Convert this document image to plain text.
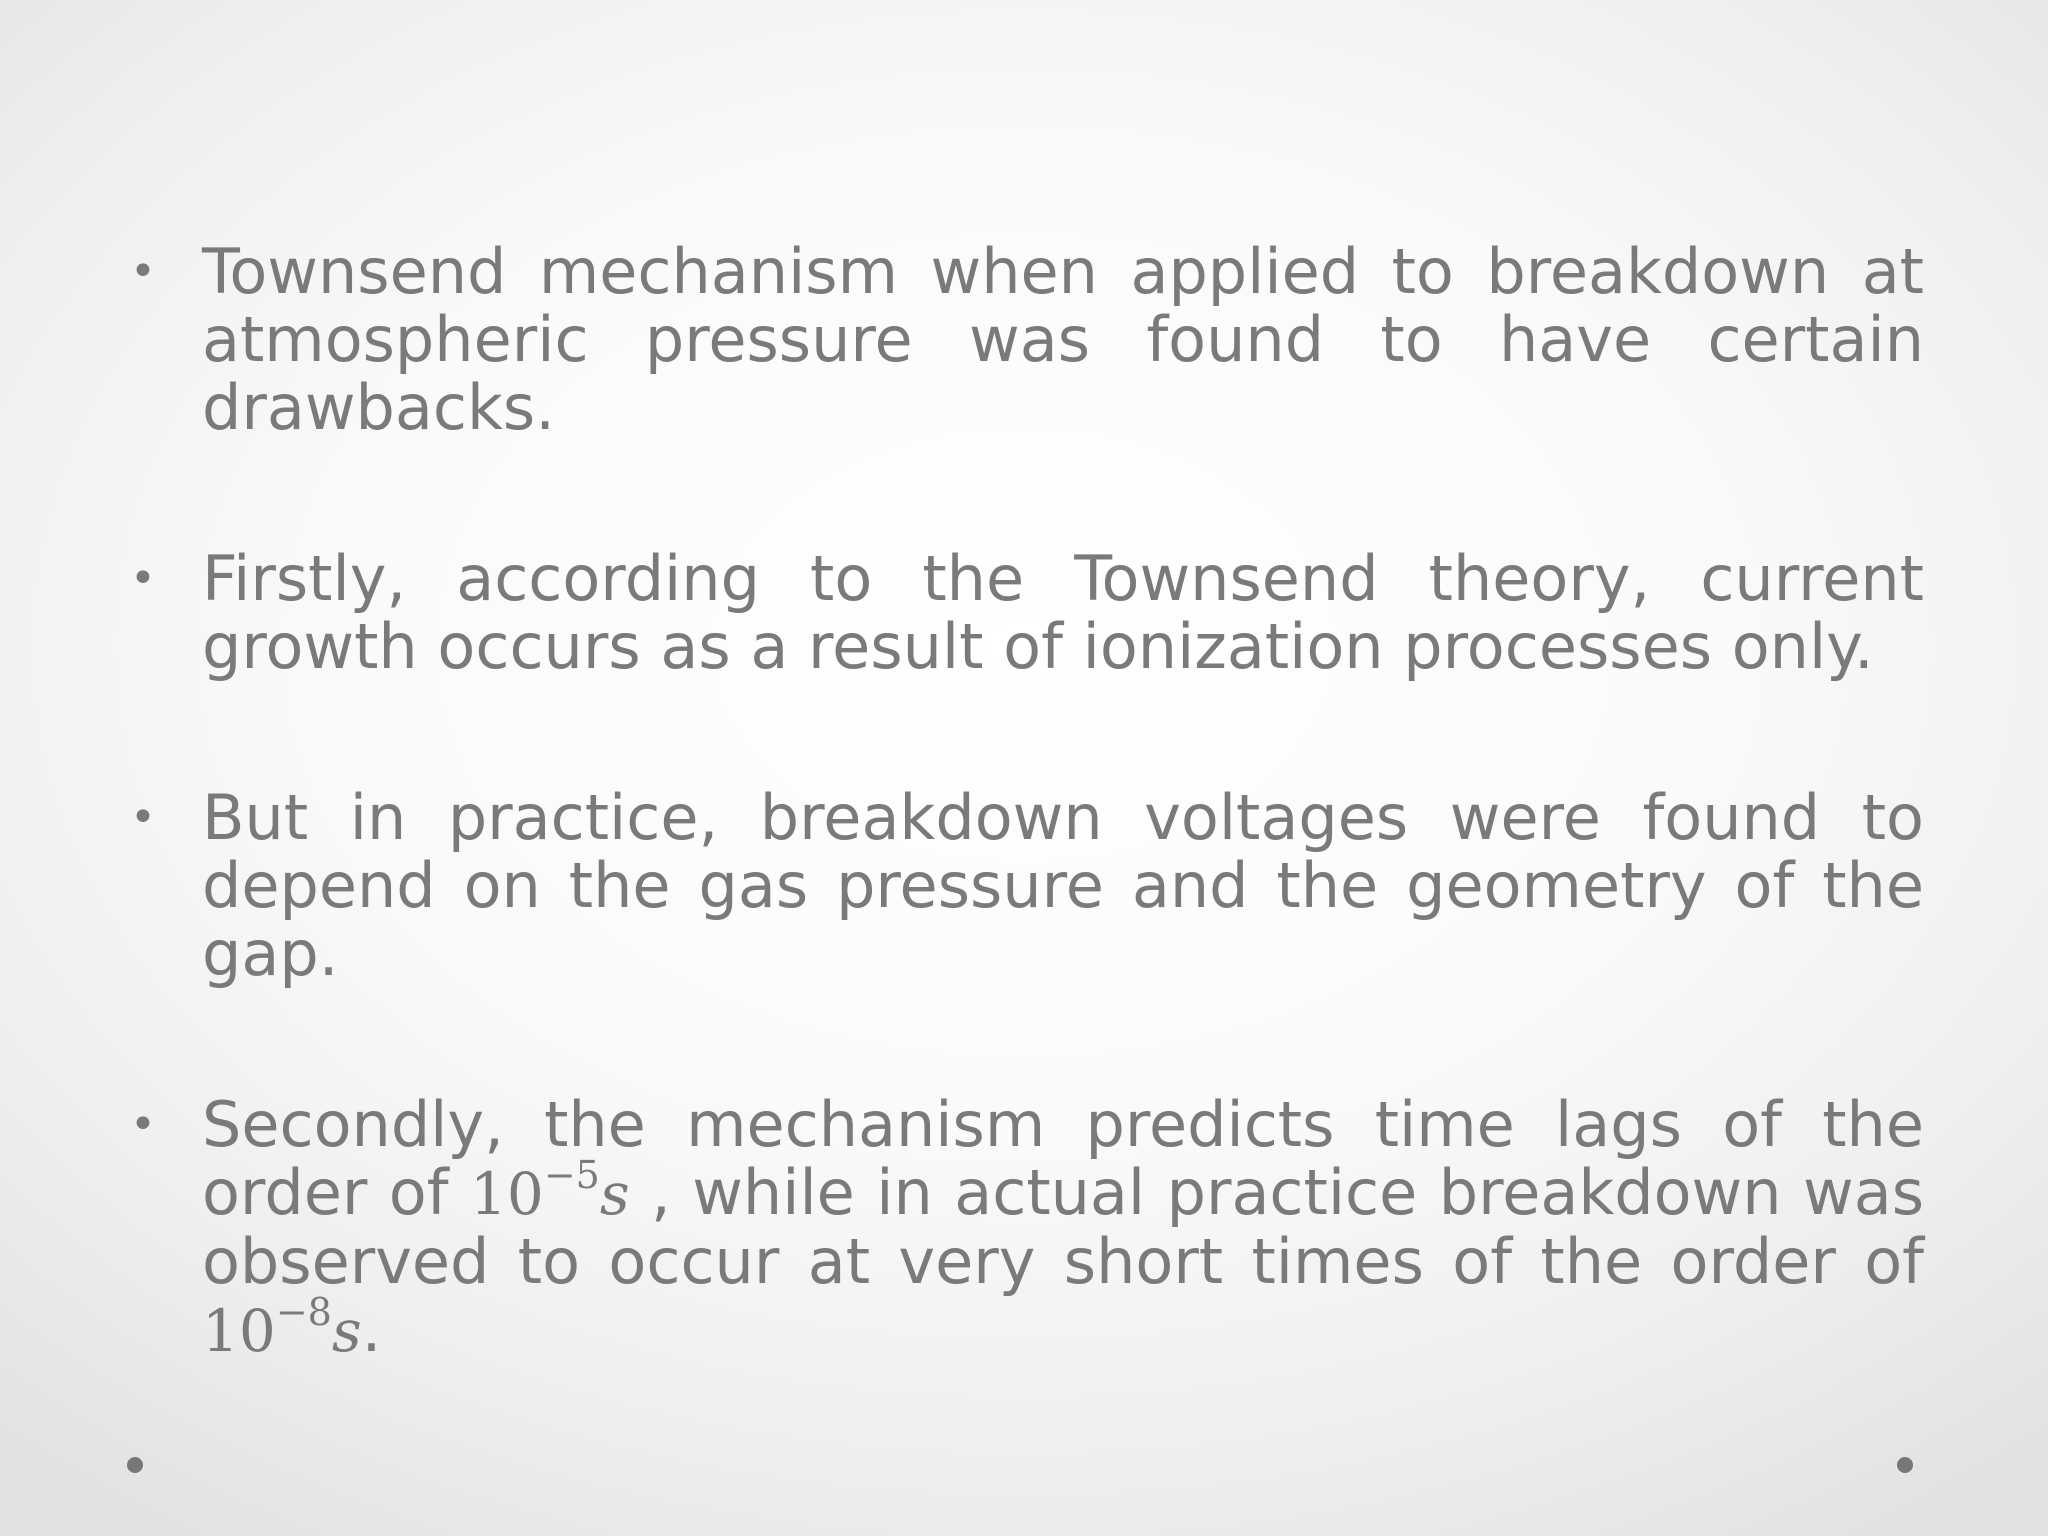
• Townsend mechanism when applied to breakdown at atmospheric pressure was found to have certain drawbacks.
• Firstly, according to the Townsend theory, current growth occurs as a result of ionization processes only.
• But in practice, breakdown voltages were found to depend on the gas pressure and the geometry of the gap.
• Secondly, the mechanism predicts time lags of the order of $10^{-5}s$ , while in actual practice breakdown was observed to occur at very short times of the order of $10^{-8}s$.
